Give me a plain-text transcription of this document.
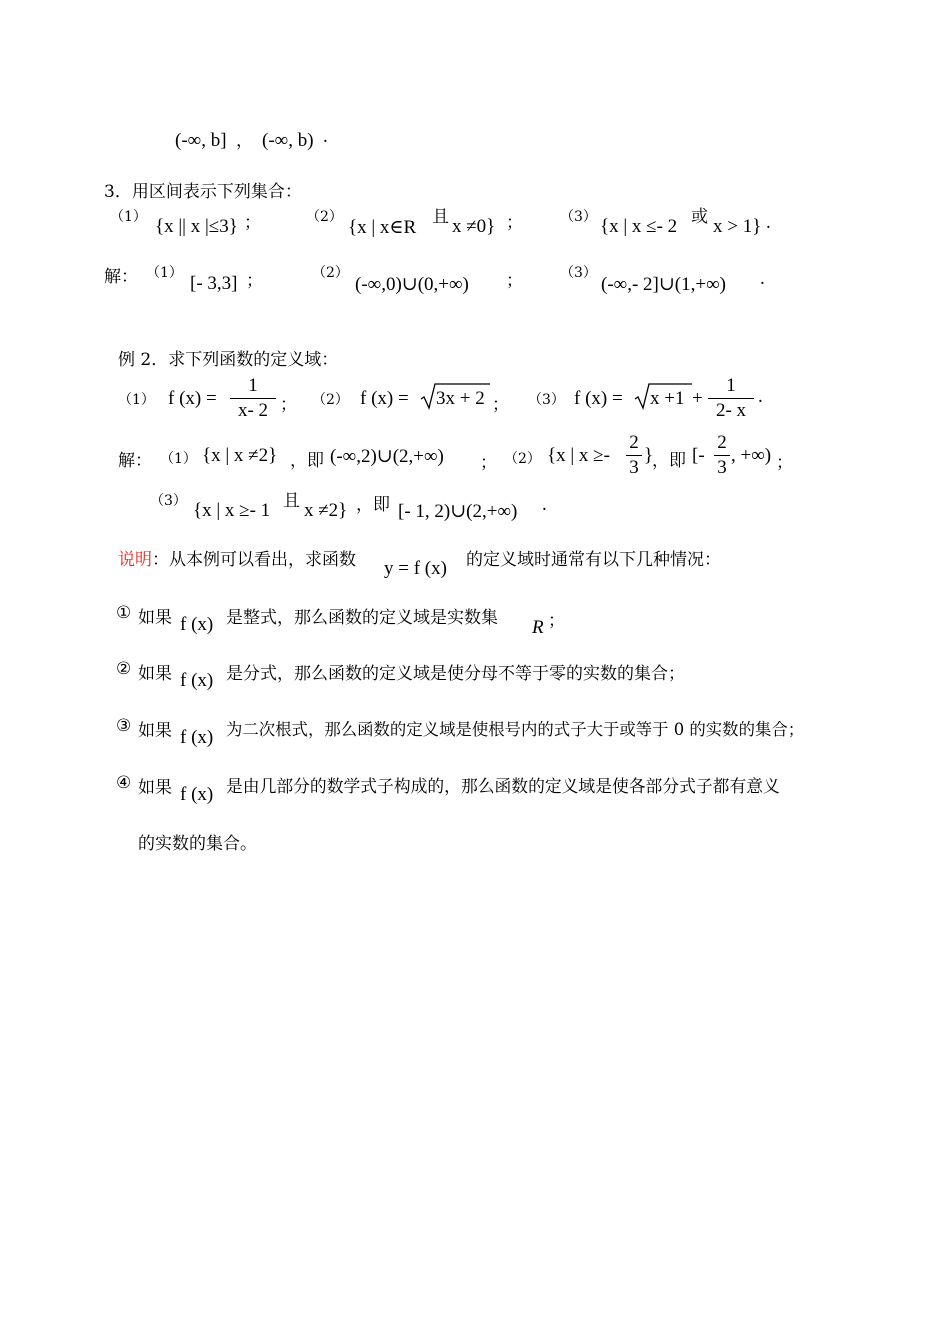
(-∞, b] ， (-∞, b) .
3．用区间表示下列集合：
（1） {x || x |≤3} ；	（2） {x | x∈R 且 x ≠0} ；	（3） {x | x ≤- 2 或 x > 1} .
解： （1） [- 3,3] ；	（2）
(-∞,0)∪(0,+∞) ；	（3）
(-∞,- 2]∪(1,+∞) .
例 2．求下列函数的定义域：
（1） f (x) =
1
x- 2 ； （2） f (x) = 3x + 2 ； （3） f (x) = x +1 +
1
2- x
.
解： （1） {x | x ≠2} ，即 (-∞,2)∪(2,+∞) ； （2） {x | x ≥-
2
3
}
，即 [-
2
3
, +∞) ；
（3） {x | x ≥- 1 且 x ≠2} ，即 [- 1, 2)∪(2,+∞) .
说明 ：从本例可以看出，求函数 y = f (x) 的定义域时通常有以下几种情况：
① 如果 f (x) 是整式，那么函数的定义域是实数集 R ；
② 如果 f (x) 是分式，那么函数的定义域是使分母不等于零的实数的集合；
③ 如果 f (x) 为二次根式，那么函数的定义域是使根号内的式子大于或等于 0 的实数的集合；
④ 如果 f (x) 是由几部分的数学式子构成的，那么函数的定义域是使各部分式子都有意义
的实数的集合。
